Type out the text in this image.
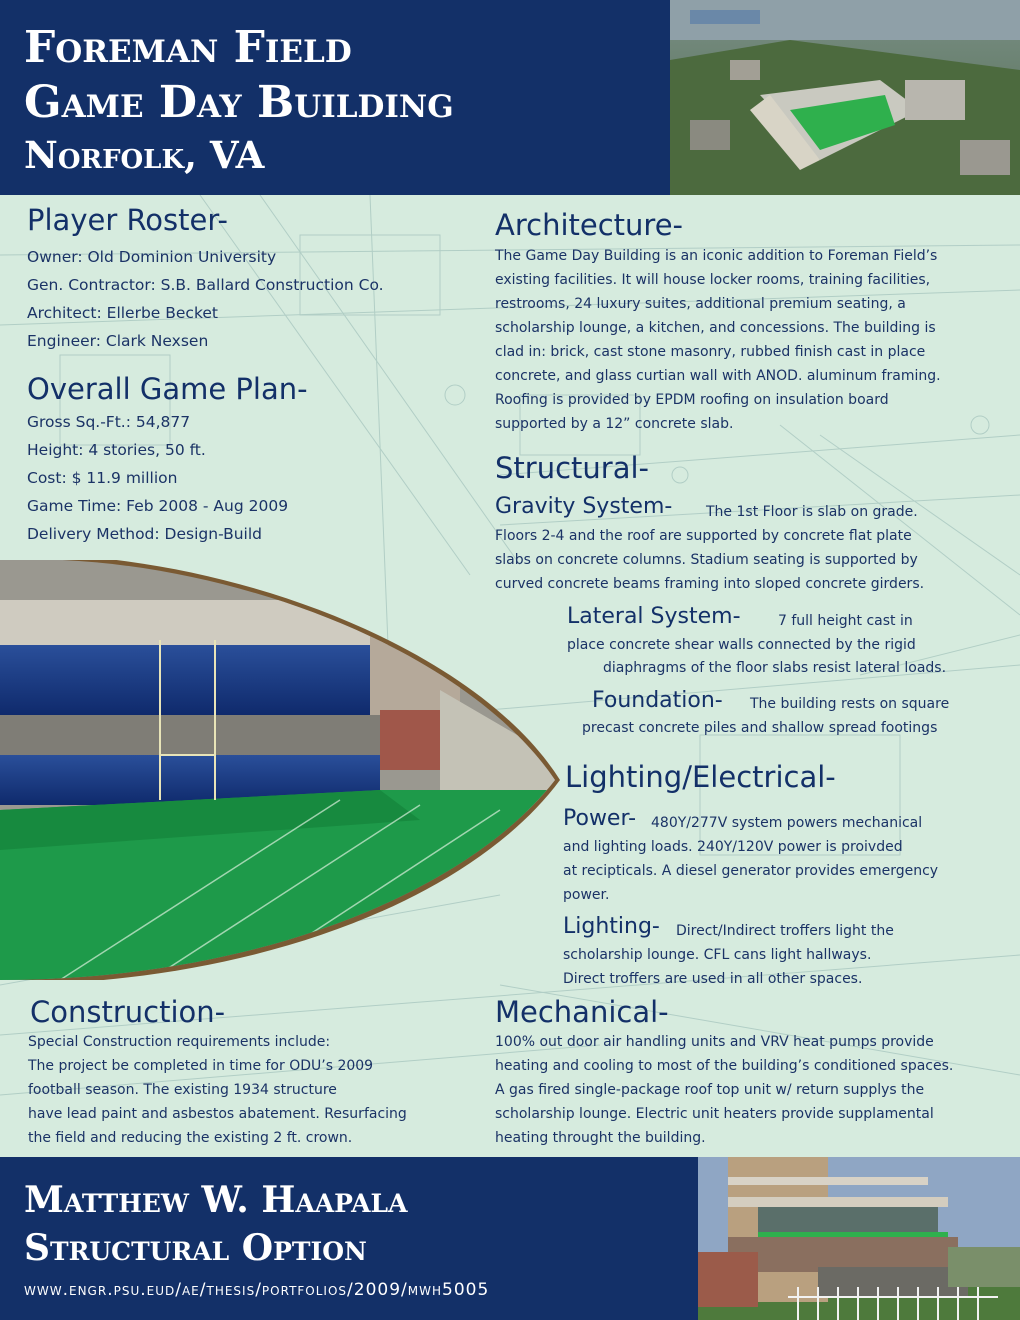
Foreman Field
Game Day Building
Norfolk, VA
Player Roster-
Owner: Old Dominion University
Gen. Contractor: S.B. Ballard Construction Co.
Architect: Ellerbe Becket
Engineer: Clark Nexsen
Overall Game Plan-
Gross Sq.-Ft.: 54,877
Height: 4 stories, 50 ft.
Cost: $ 11.9 million
Game Time: Feb 2008 - Aug 2009
Delivery Method: Design-Build
Architecture-
The Game Day Building is an iconic addition to Foreman Field’s
existing facilities. It will house locker rooms, training facilities,
restrooms, 24 luxury suites, additional premium seating, a
scholarship lounge, a kitchen, and concessions. The building is
clad in: brick, cast stone masonry, rubbed finish cast in place
concrete, and glass curtian wall with ANOD. aluminum framing.
Roofing is provided by EPDM roofing on insulation board
supported by a 12” concrete slab.
Structural-
Gravity System- The 1st Floor is slab on grade.
Floors 2-4 and the roof are supported by concrete flat plate
slabs on concrete columns. Stadium seating is supported by
curved concrete beams framing into sloped concrete girders.
Lateral System-	7 full height cast in
place concrete shear walls connected by the rigid
diaphragms of the floor slabs resist lateral loads.
Foundation- The building rests on square
precast concrete piles and shallow spread footings
Lighting/Electrical-
Power- 480Y/277V system powers mechanical
and lighting loads. 240Y/120V power is proivded
at recipticals. A diesel generator provides emergency
power.
Lighting- Direct/Indirect troffers light the
scholarship lounge. CFL cans light hallways.
Direct troffers are used in all other spaces.
Construction-
Special Construction requirements include:
The project be completed in time for ODU’s 2009
football season. The existing 1934 structure
have lead paint and asbestos abatement. Resurfacing
the field and reducing the existing 2 ft. crown.
Mechanical-
100% out door air handling units and VRV heat pumps provide
heating and cooling to most of the building’s conditioned spaces.
A gas fired single-package roof top unit w/ return supplys the
scholarship lounge. Electric unit heaters provide supplamental
heating throught the building.
Matthew W. Haapala
Structural Option
www.engr.psu.eud/ae/thesis/portfolios/2009/mwh5005
